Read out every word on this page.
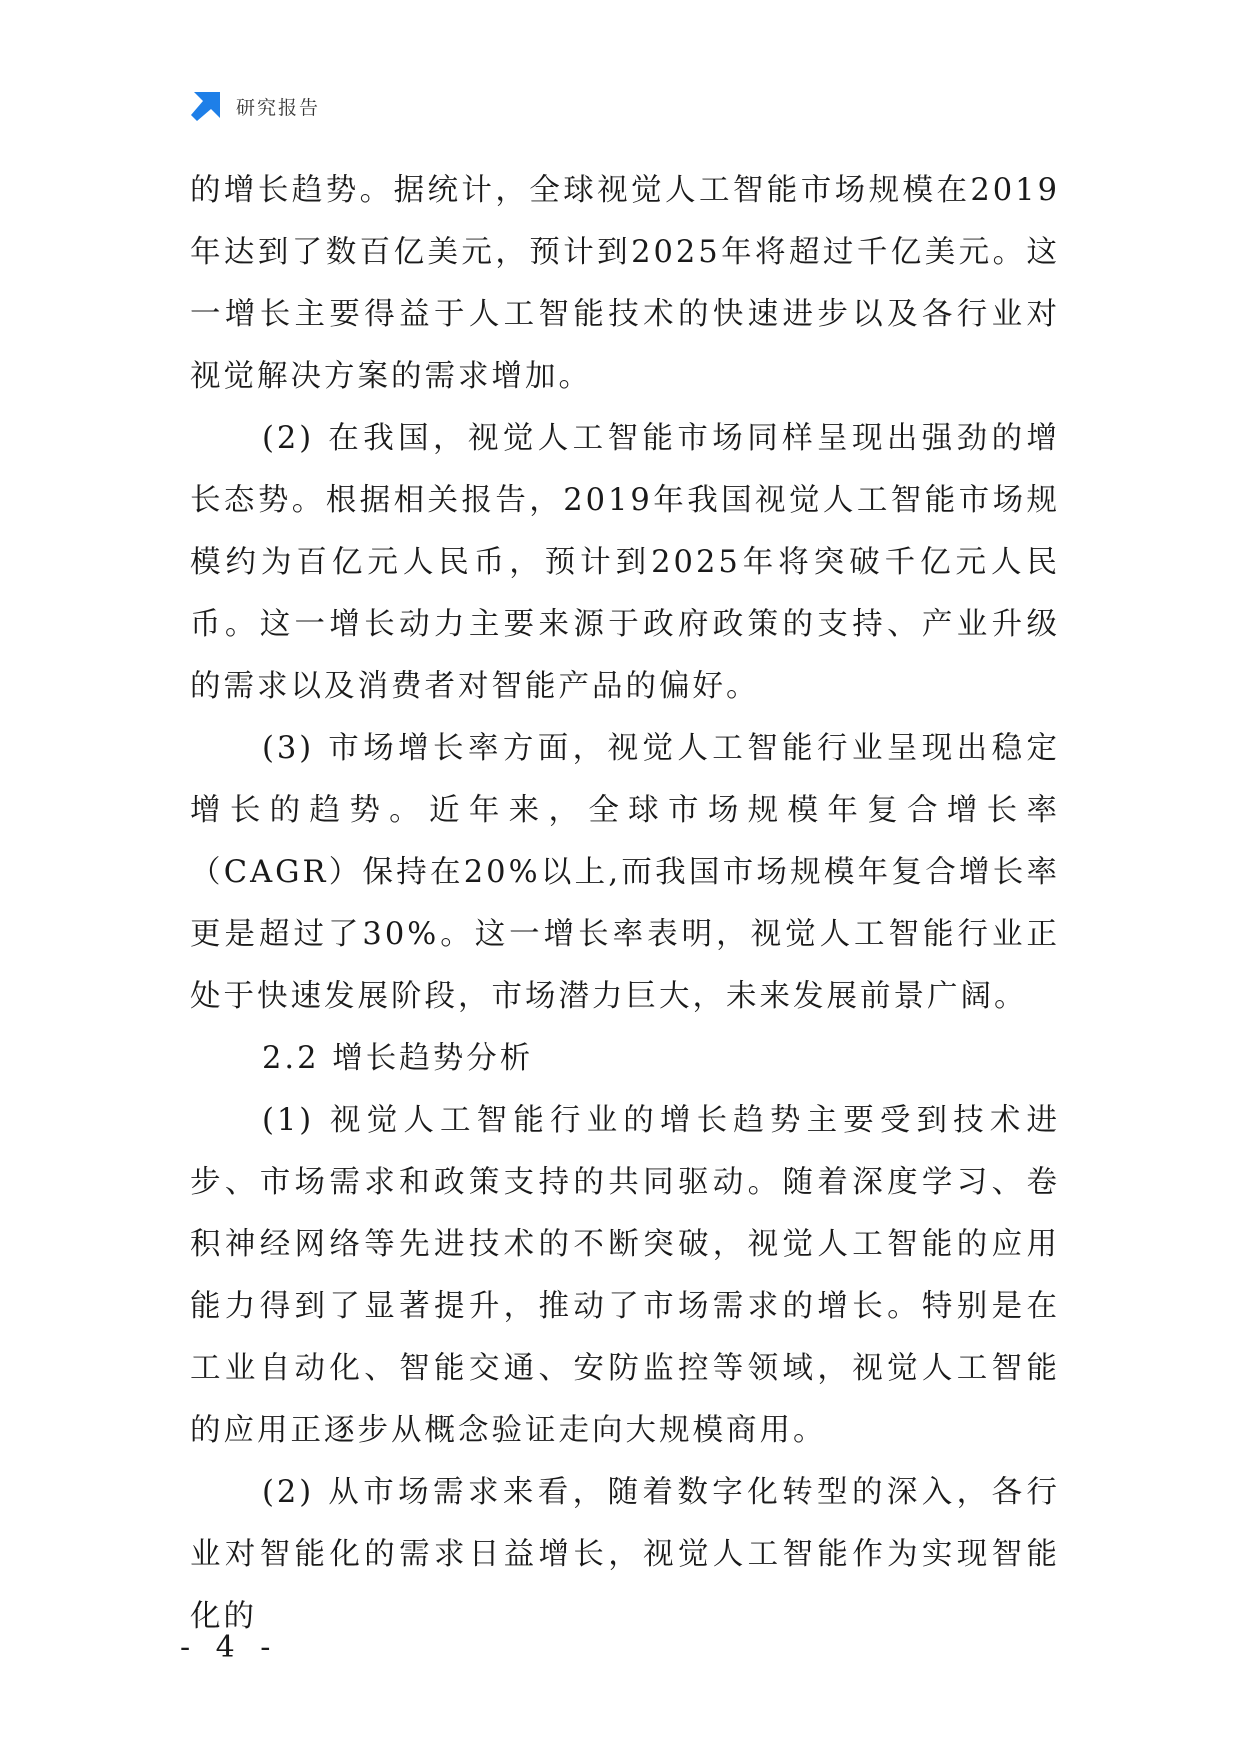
研究报告

的增长趋势。据统计，全球视觉人工智能市场规模在2019年达到了数百亿美元，预计到2025年将超过千亿美元。这一增长主要得益于人工智能技术的快速进步以及各行业对视觉解决方案的需求增加。

(2) 在我国，视觉人工智能市场同样呈现出强劲的增长态势。根据相关报告，2019年我国视觉人工智能市场规模约为百亿元人民币，预计到2025年将突破千亿元人民币。这一增长动力主要来源于政府政策的支持、产业升级的需求以及消费者对智能产品的偏好。

(3) 市场增长率方面，视觉人工智能行业呈现出稳定增长的趋势。近年来，全球市场规模年复合增长率（CAGR）保持在20%以上,而我国市场规模年复合增长率更是超过了30%。这一增长率表明，视觉人工智能行业正处于快速发展阶段，市场潜力巨大，未来发展前景广阔。

2.2 增长趋势分析

(1) 视觉人工智能行业的增长趋势主要受到技术进步、市场需求和政策支持的共同驱动。随着深度学习、卷积神经网络等先进技术的不断突破，视觉人工智能的应用能力得到了显著提升，推动了市场需求的增长。特别是在工业自动化、智能交通、安防监控等领域，视觉人工智能的应用正逐步从概念验证走向大规模商用。

(2) 从市场需求来看，随着数字化转型的深入，各行业对智能化的需求日益增长，视觉人工智能作为实现智能化的

- 4 -
